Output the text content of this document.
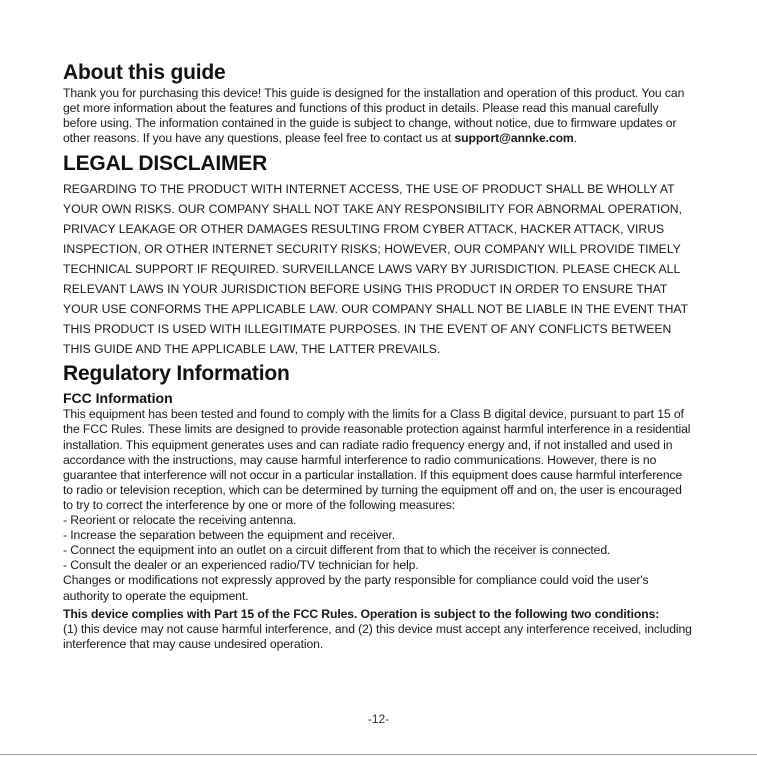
About this guide

Thank you for purchasing this device! This guide is designed for the installation and operation of this product. You can get more information about the features and functions of this product in details. Please read this manual carefully before using. The information contained in the guide is subject to change, without notice, due to firmware updates or other reasons. If you have any questions, please feel free to contact us at support@annke.com.

LEGAL DISCLAIMER

REGARDING TO THE PRODUCT WITH INTERNET ACCESS, THE USE OF PRODUCT SHALL BE WHOLLY AT YOUR OWN RISKS. OUR COMPANY SHALL NOT TAKE ANY RESPONSIBILITY FOR ABNORMAL OPERATION, PRIVACY LEAKAGE OR OTHER DAMAGES RESULTING FROM CYBER ATTACK, HACKER ATTACK, VIRUS INSPECTION, OR OTHER INTERNET SECURITY RISKS; HOWEVER, OUR COMPANY WILL PROVIDE TIMELY TECHNICAL SUPPORT IF REQUIRED. SURVEILLANCE LAWS VARY BY JURISDICTION. PLEASE CHECK ALL RELEVANT LAWS IN YOUR JURISDICTION BEFORE USING THIS PRODUCT IN ORDER TO ENSURE THAT YOUR USE CONFORMS THE APPLICABLE LAW. OUR COMPANY SHALL NOT BE LIABLE IN THE EVENT THAT THIS PRODUCT IS USED WITH ILLEGITIMATE PURPOSES. IN THE EVENT OF ANY CONFLICTS BETWEEN THIS GUIDE AND THE APPLICABLE LAW, THE LATTER PREVAILS.

Regulatory Information
FCC Information

This equipment has been tested and found to comply with the limits for a Class B digital device, pursuant to part 15 of the FCC Rules. These limits are designed to provide reasonable protection against harmful interference in a residential installation. This equipment generates uses and can radiate radio frequency energy and, if not installed and used in accordance with the instructions, may cause harmful interference to radio communications. However, there is no guarantee that interference will not occur in a particular installation. If this equipment does cause harmful interference to radio or television reception, which can be determined by turning the equipment off and on, the user is encouraged to try to correct the interference by one or more of the following measures:

- Reorient or relocate the receiving antenna.

- Increase the separation between the equipment and receiver.

- Connect the equipment into an outlet on a circuit different from that to which the receiver is connected.

- Consult the dealer or an experienced radio/TV technician for help.

Changes or modifications not expressly approved by the party responsible for compliance could void the user's authority to operate the equipment.

This device complies with Part 15 of the FCC Rules. Operation is subject to the following two conditions:

(1) this device may not cause harmful interference, and (2) this device must accept any interference received, including interference that may cause undesired operation.

-12-
